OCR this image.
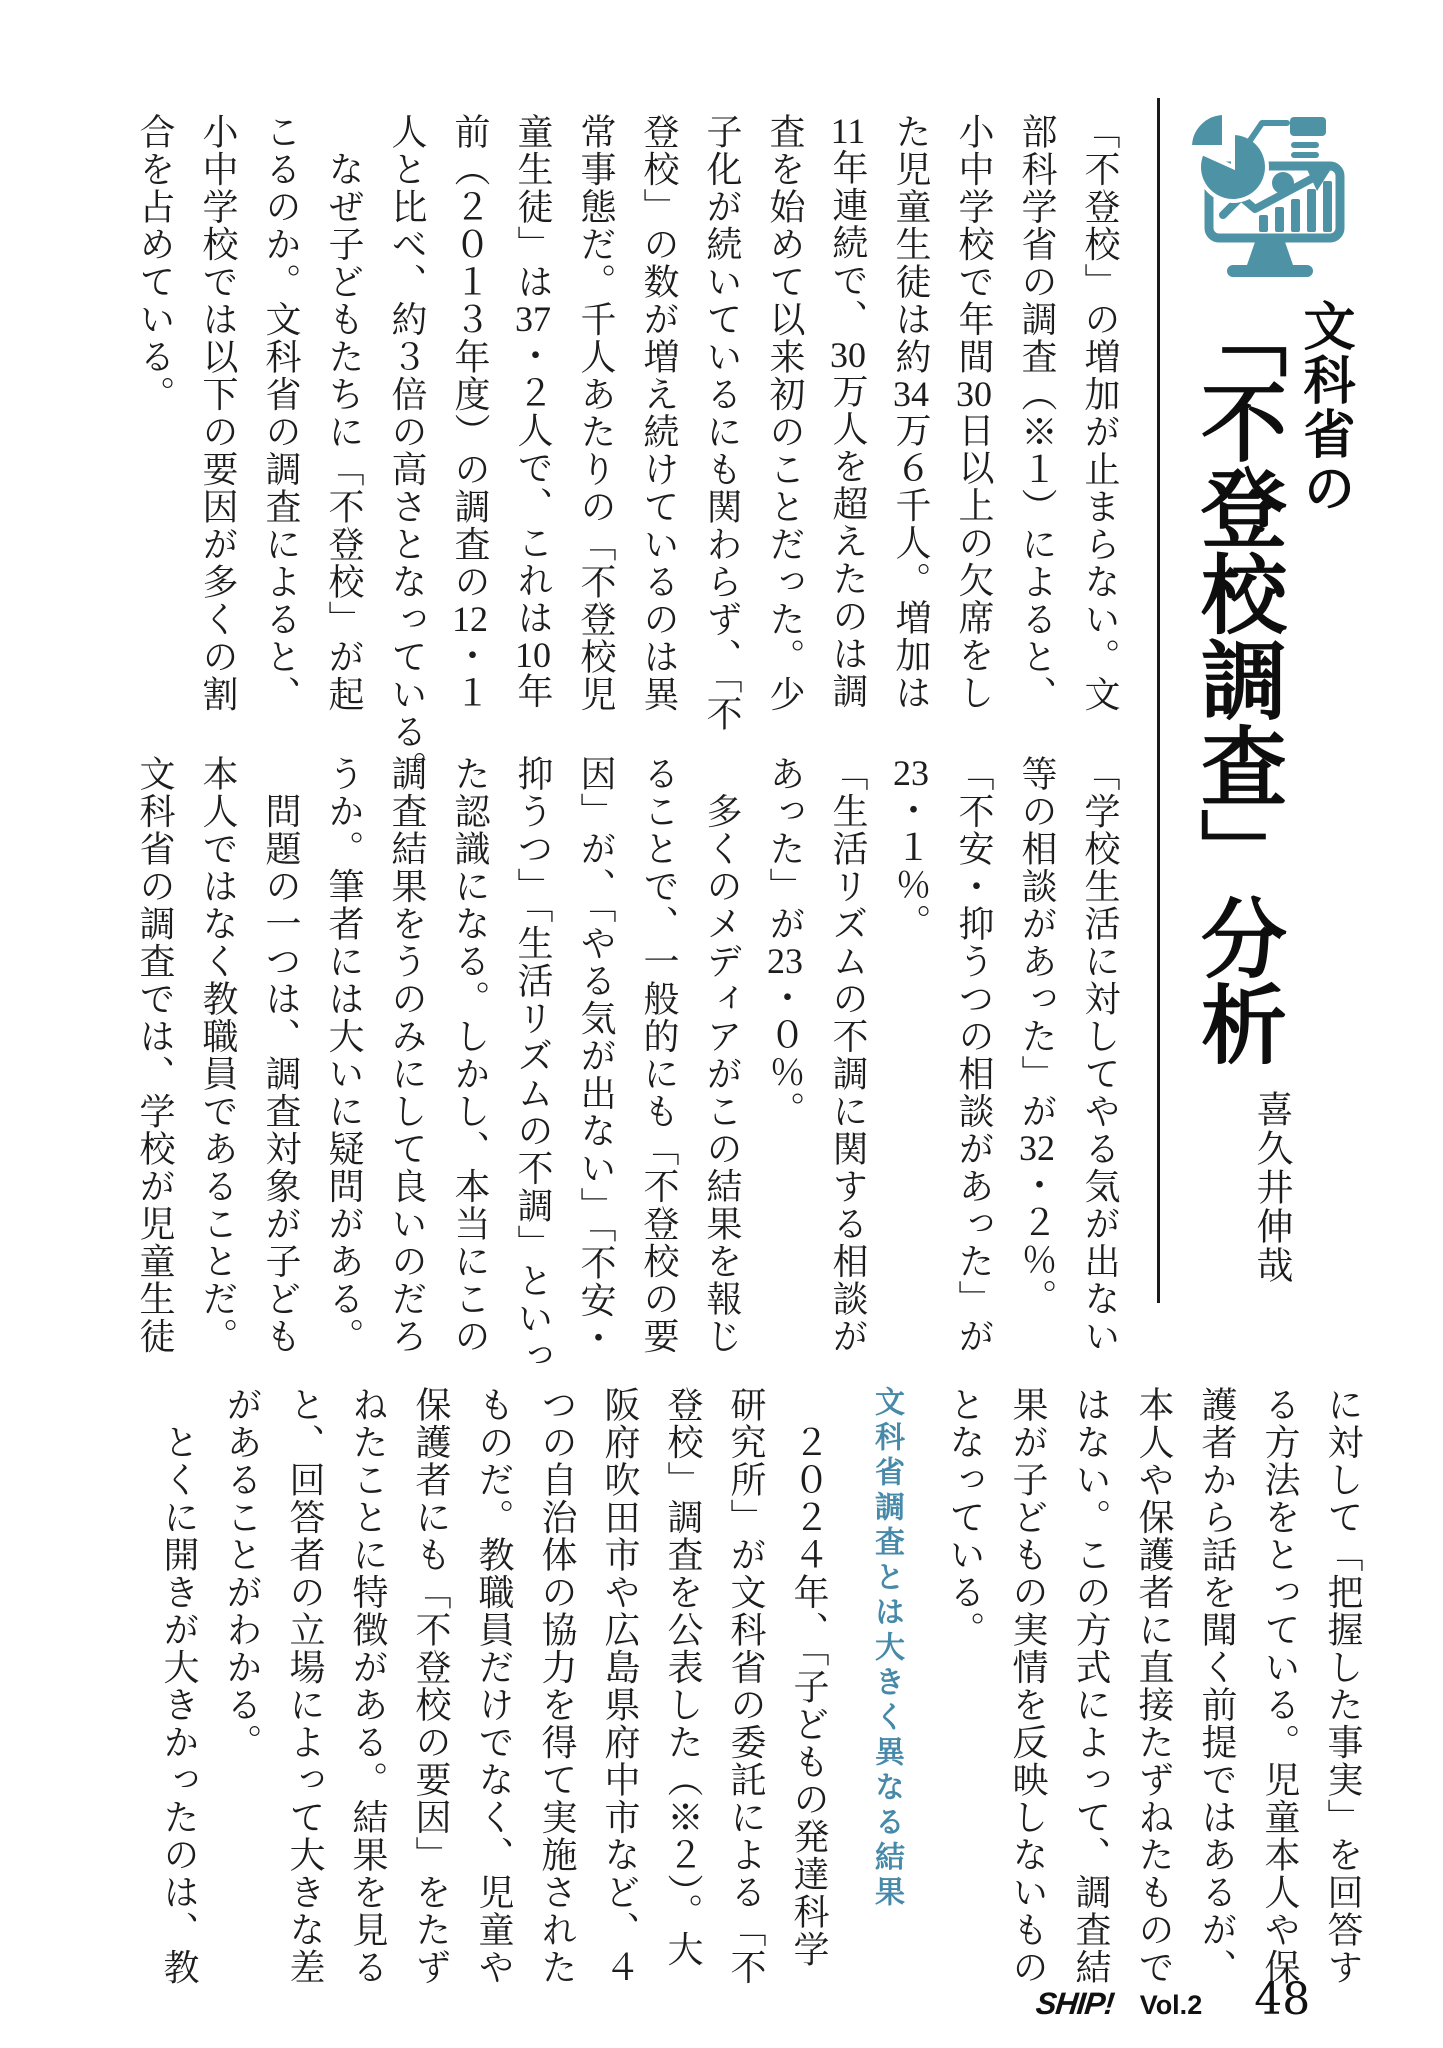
文科省の
「不登校調査」分析
喜久井伸哉
「不登校」の増加が止まらない。文
部科学省の調査（※１）によると、
小中学校で年間30日以上の欠席をし
た児童生徒は約34万６千人。増加は
11年連続で、30万人を超えたのは調
査を始めて以来初のことだった。少
子化が続いているにも関わらず、「不
登校」の数が増え続けているのは異
常事態だ。千人あたりの「不登校児
童生徒」は37・２人で、これは10年
前（２０１３年度）の調査の12・１
人と比べ、約３倍の高さとなっている。
　なぜ子どもたちに「不登校」が起
こるのか。文科省の調査によると、
小中学校では以下の要因が多くの割
合を占めている。
「学校生活に対してやる気が出ない
等の相談があった」が32・２％。
「不安・抑うつの相談があった」が
23・１％。
「生活リズムの不調に関する相談が
あった」が23・０％。
　多くのメディアがこの結果を報じ
ることで、一般的にも「不登校の要
因」が、「やる気が出ない」「不安・
抑うつ」「生活リズムの不調」といっ
た認識になる。しかし、本当にこの
調査結果をうのみにして良いのだろ
うか。筆者には大いに疑問がある。
　問題の一つは、調査対象が子ども
本人ではなく教職員であることだ。
文科省の調査では、学校が児童生徒
に対して「把握した事実」を回答す
る方法をとっている。児童本人や保
護者から話を聞く前提ではあるが、
本人や保護者に直接たずねたもので
はない。この方式によって、調査結
果が子どもの実情を反映しないもの
となっている。
文科省調査とは大きく異なる結果
　２０２４年、「子どもの発達科学
研究所」が文科省の委託による「不
登校」調査を公表した（※２）。大
阪府吹田市や広島県府中市など、４
つの自治体の協力を得て実施された
ものだ。教職員だけでなく、児童や
保護者にも「不登校の要因」をたず
ねたことに特徴がある。結果を見る
と、回答者の立場によって大きな差
があることがわかる。
　とくに開きが大きかったのは、教
SHIP! Vol.2 48
